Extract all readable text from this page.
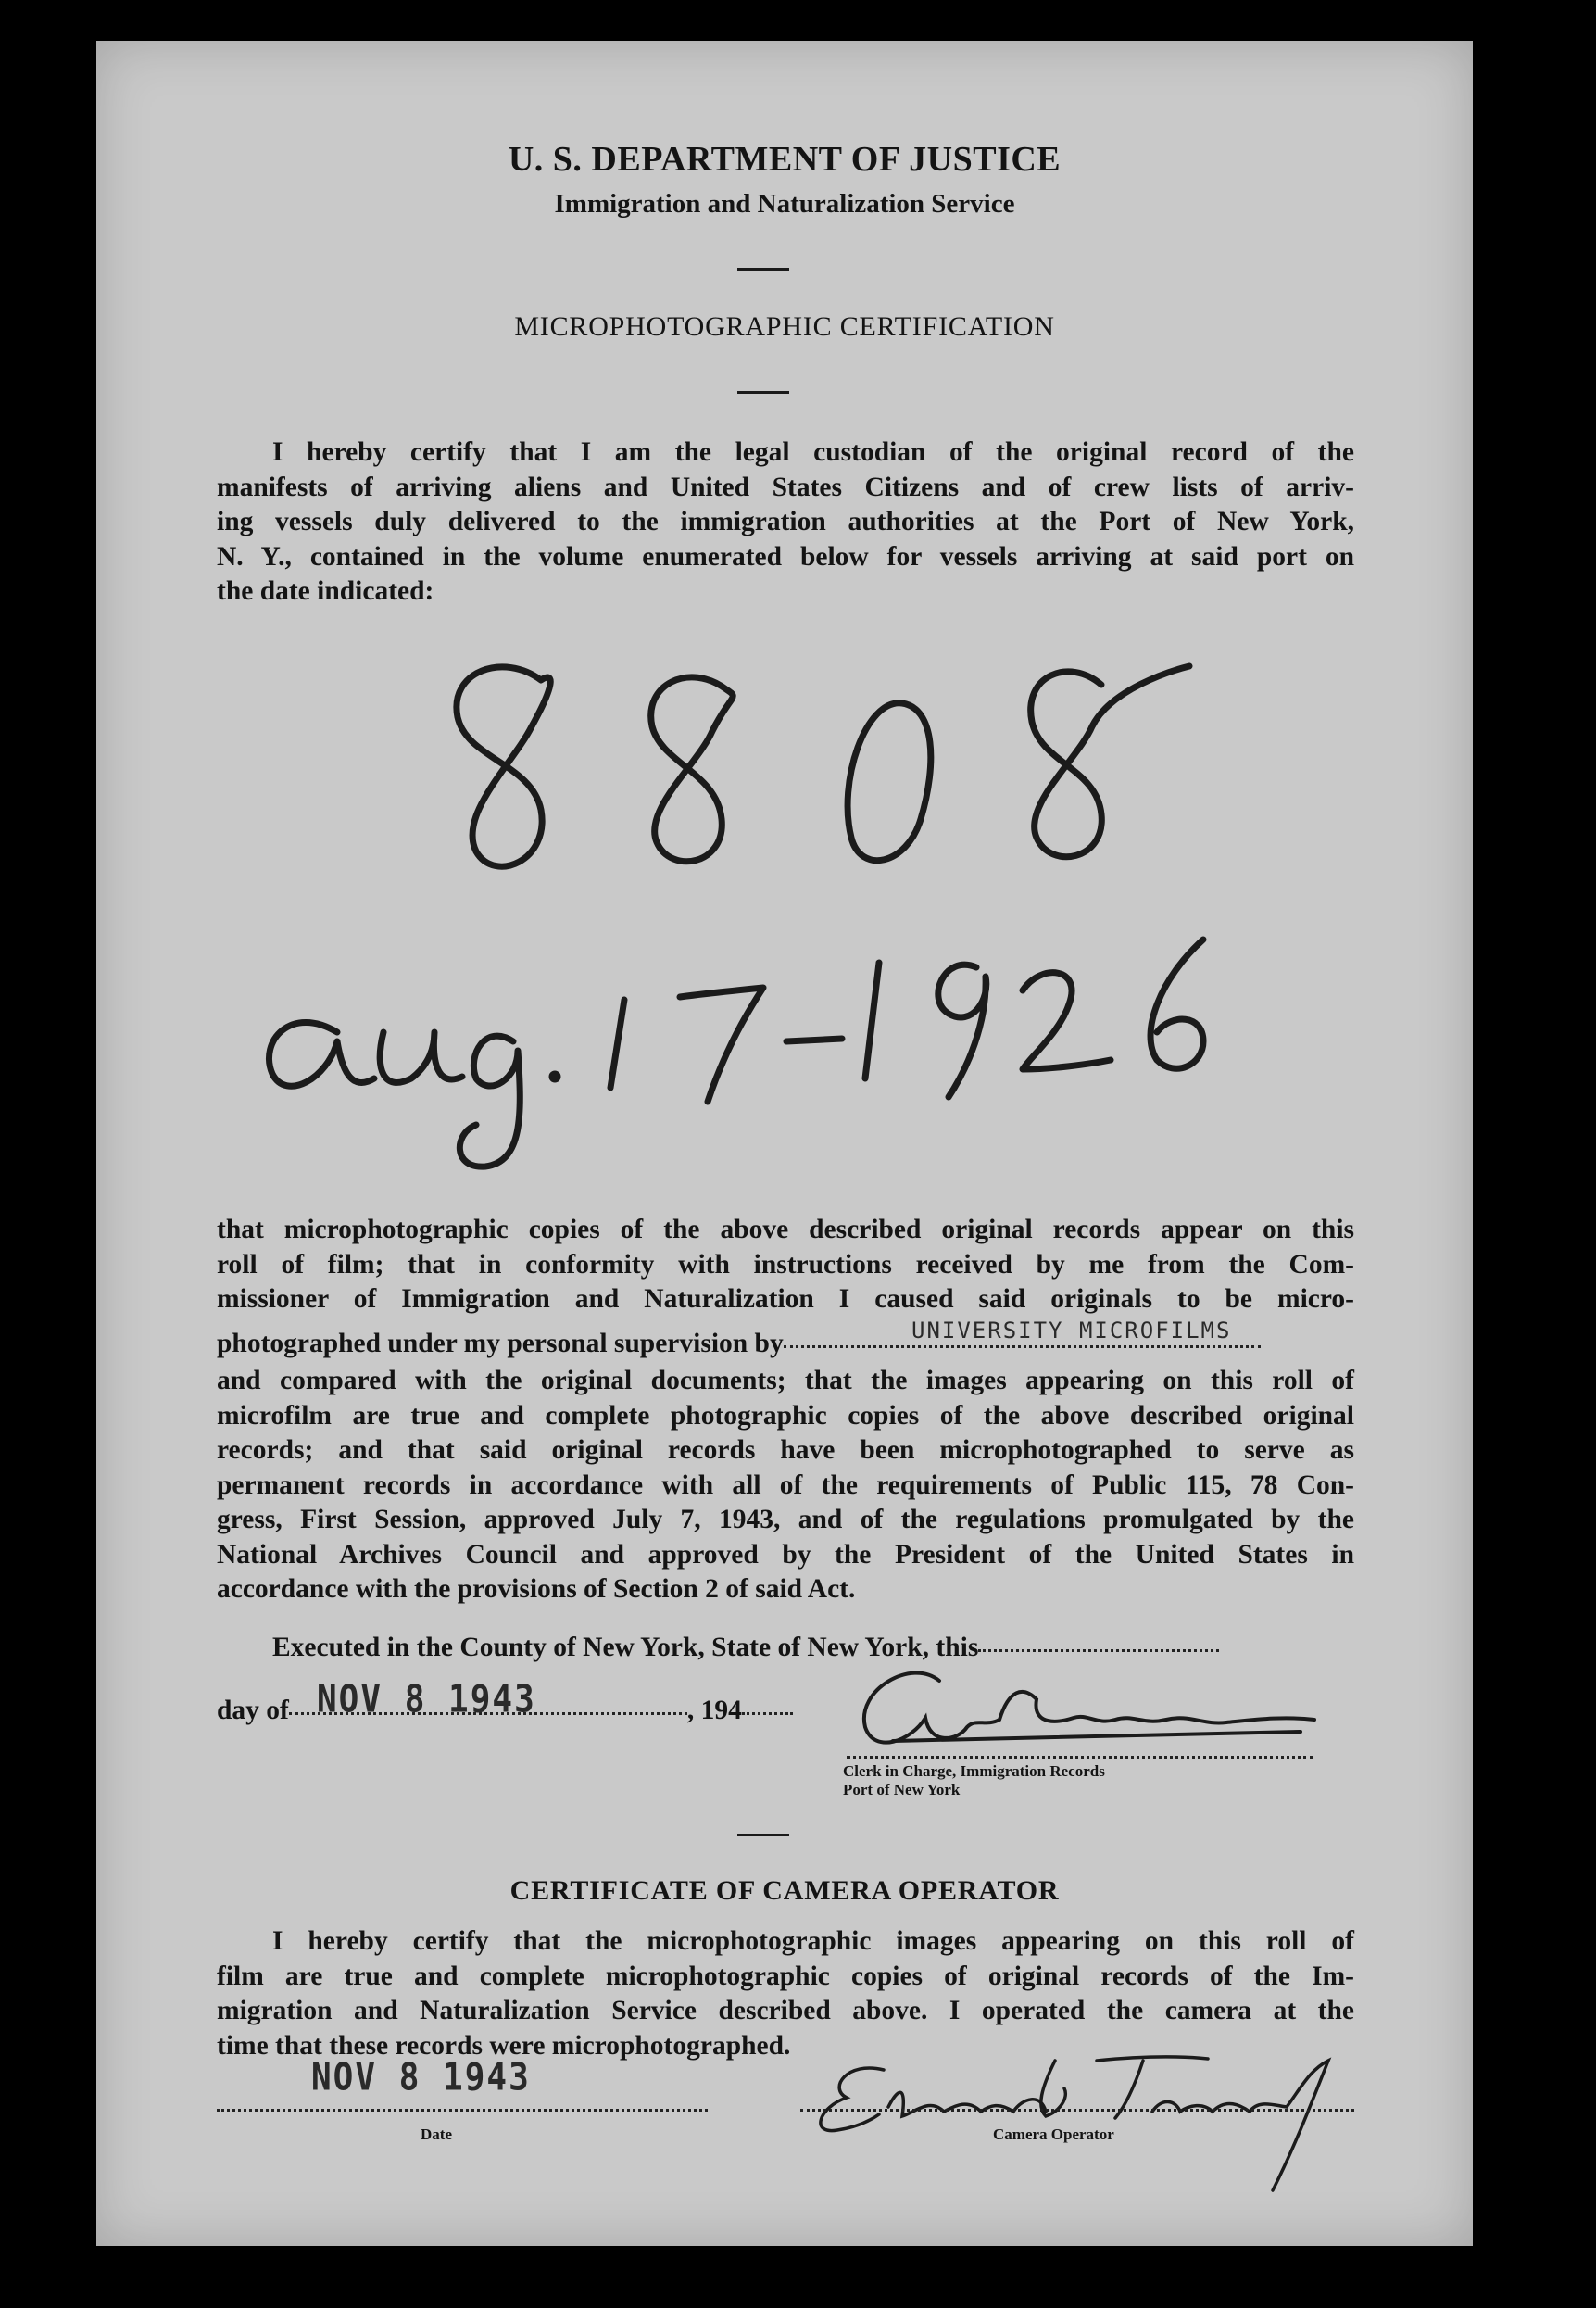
U. S. DEPARTMENT OF JUSTICE
Immigration and Naturalization Service
MICROPHOTOGRAPHIC CERTIFICATION
I hereby certify that I am the legal custodian of the original record of the
manifests of arriving aliens and United States Citizens and of crew lists of arriv-
ing vessels duly delivered to the immigration authorities at the Port of New York,
N. Y., contained in the volume enumerated below for vessels arriving at said port on
the date indicated:
that microphotographic copies of the above described original records appear on this
roll of film; that in conformity with instructions received by me from the Com-
missioner of Immigration and Naturalization I caused said originals to be micro-
photographed under my personal supervision by	UNIVERSITY MICROFILMS
and compared with the original documents; that the images appearing on this roll of
microfilm are true and complete photographic copies of the above described original
records; and that said original records have been microphotographed to serve as
permanent records in accordance with all of the requirements of Public 115, 78 Con-
gress, First Session, approved July 7, 1943, and of the regulations promulgated by the
National Archives Council and approved by the President of the United States in
accordance with the provisions of Section 2 of said Act.
Executed in the County of New York, State of New York, this
day of	, 194
NOV 8 1943
Clerk in Charge, Immigration Records
Port of New York
CERTIFICATE OF CAMERA OPERATOR
I hereby certify that the microphotographic images appearing on this roll of
film are true and complete microphotographic copies of original records of the Im-
migration and Naturalization Service described above. I operated the camera at the
time that these records were microphotographed.
NOV 8 1943
Date	Camera Operator
